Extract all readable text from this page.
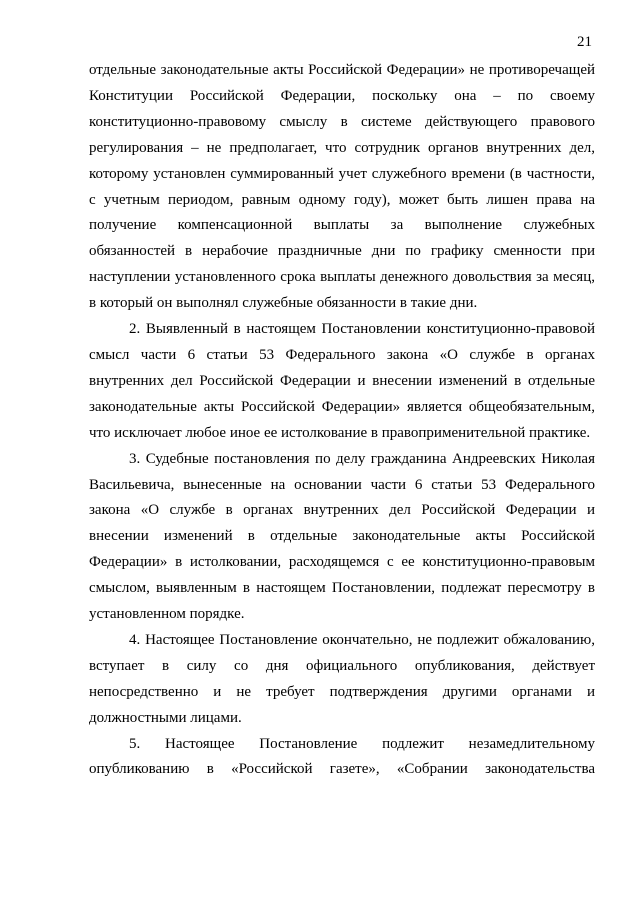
21

отдельные законодательные акты Российской Федерации» не противоречащей Конституции Российской Федерации, поскольку она – по своему конституционно-правовому смыслу в системе действующего правового регулирования – не предполагает, что сотрудник органов внутренних дел, которому установлен суммированный учет служебного времени (в частности, с учетным периодом, равным одному году), может быть лишен права на получение компенсационной выплаты за выполнение служебных обязанностей в нерабочие праздничные дни по графику сменности при наступлении установленного срока выплаты денежного довольствия за месяц, в который он выполнял служебные обязанности в такие дни.

2. Выявленный в настоящем Постановлении конституционно-правовой смысл части 6 статьи 53 Федерального закона «О службе в органах внутренних дел Российской Федерации и внесении изменений в отдельные законодательные акты Российской Федерации» является общеобязательным, что исключает любое иное ее истолкование в правоприменительной практике.

3. Судебные постановления по делу гражданина Андреевских Николая Васильевича, вынесенные на основании части 6 статьи 53 Федерального закона «О службе в органах внутренних дел Российской Федерации и внесении изменений в отдельные законодательные акты Российской Федерации» в истолковании, расходящемся с ее конституционно-правовым смыслом, выявленным в настоящем Постановлении, подлежат пересмотру в установленном порядке.

4. Настоящее Постановление окончательно, не подлежит обжалованию, вступает в силу со дня официального опубликования, действует непосредственно и не требует подтверждения другими органами и должностными лицами.

5. Настоящее Постановление подлежит незамедлительному опубликованию в «Российской газете», «Собрании законодательства
